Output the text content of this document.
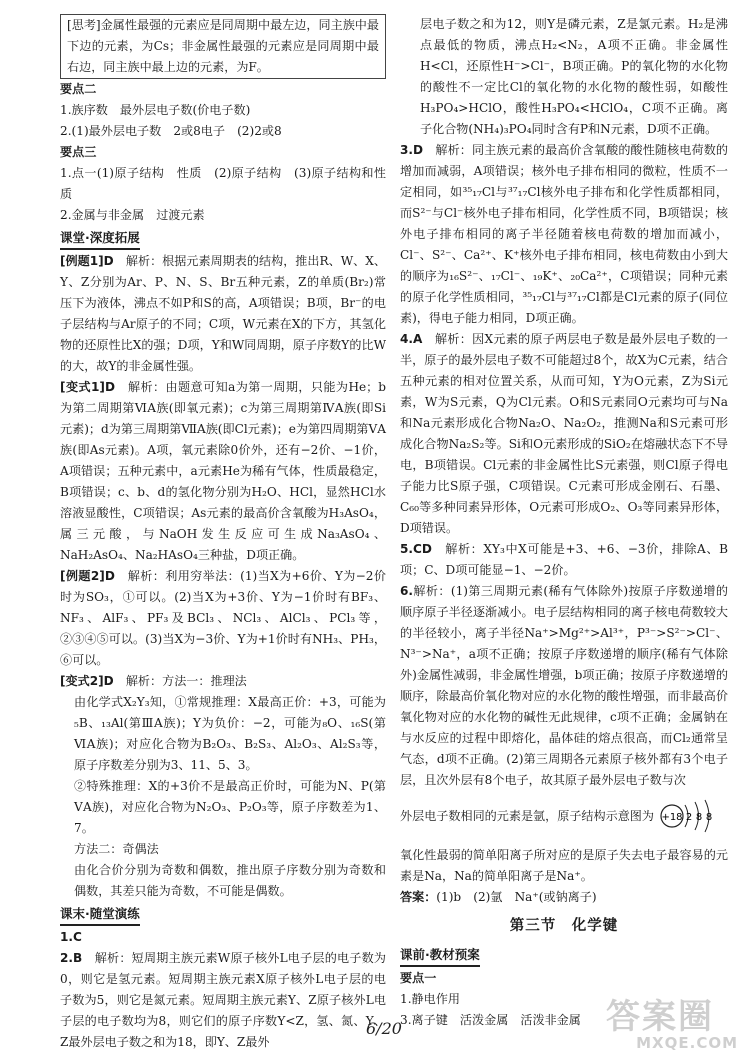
[思考]金属性最强的元素应是同周期中最左边，同主族中最下边的元素，为Cs；非金属性最强的元素应是同周期中最右边，同主族中最上边的元素，为F。

要点二

1.族序数　最外层电子数(价电子数)

2.(1)最外层电子数　2或8电子　(2)2或8

要点三

1.点一(1)原子结构　性质　(2)原子结构　(3)原子结构和性质

2.金属与非金属　过渡元素

课堂·深度拓展

[例题1]D　 解析：根据元素周期表的结构，推出R、W、X、Y、Z分别为Ar、P、N、S、Br五种元素，Z的单质(Br₂)常压下为液体，沸点不如P和S的高，A项错误；B项，Br⁻的电子层结构与Ar原子的不同；C项，W元素在X的下方，其氢化物的还原性比X的强；D项，Y和W同周期，原子序数Y的比W的大，故Y的非金属性强。

[变式1]D　 解析：由题意可知a为第一周期，只能为He；b为第二周期第ⅥA族(即氧元素)；c为第三周期第ⅣA族(即Si元素)；d为第三周期第ⅦA族(即Cl元素)；e为第四周期第ⅤA族(即As元素)。A项，氧元素除0价外，还有−2价、−1价，A项错误；五种元素中，a元素He为稀有气体，性质最稳定，B项错误；c、b、d的氢化物分别为H₂O、HCl，显然HCl水溶液显酸性，C项错误；As元素的最高价含氧酸为H₃AsO₄，属三元酸，与NaOH发生反应可生成Na₃AsO₄、NaH₂AsO₄、Na₂HAsO₄三种盐，D项正确。

[例题2]D　 解析：利用穷举法：(1)当X为+6价、Y为−2价时为SO₃，①可以。(2)当X为+3价、Y为−1价时有BF₃、NF₃、AlF₃、PF₃及BCl₃、NCl₃、AlCl₃、PCl₃等，②③④⑤可以。(3)当X为−3价、Y为+1价时有NH₃、PH₃，⑥可以。

[变式2]D　 解析：方法一：推理法

由化学式X₂Y₃知，①常规推理：X最高正价：+3，可能为₅B、₁₃Al(第ⅢA族)；Y为负价：−2，可能为₈O、₁₆S(第ⅥA族)；对应化合物为B₂O₃、B₂S₃、Al₂O₃、Al₂S₃等，原子序数差分别为3、11、5、3。

②特殊推理：X的+3价不是最高正价时，可能为N、P(第ⅤA族)，对应化合物为N₂O₃、P₂O₃等，原子序数差为1、7。

方法二：奇偶法

由化合价分别为奇数和偶数，推出原子序数分别为奇数和偶数，其差只能为奇数，不可能是偶数。

课末·随堂演练

1.C

2.B　 解析：短周期主族元素W原子核外L电子层的电子数为0，则它是氢元素。短周期主族元素X原子核外L电子层的电子数为5，则它是氮元素。短周期主族元素Y、Z原子核外L电子层的电子数均为8，则它们的原子序数Y<Z，氢、氮、Y、Z最外层电子数之和为18，即Y、Z最外

层电子数之和为12，则Y是磷元素，Z是氯元素。H₂是沸点最低的物质，沸点H₂<N₂，A项不正确。非金属性H<Cl，还原性H⁻>Cl⁻，B项正确。P的氧化物的水化物的酸性不一定比Cl的氧化物的水化物的酸性弱，如酸性H₃PO₄>HClO，酸性H₃PO₄<HClO₄，C项不正确。离子化合物(NH₄)₃PO₄同时含有P和N元素，D项不正确。

3.D　 解析：同主族元素的最高价含氧酸的酸性随核电荷数的增加而减弱，A项错误；核外电子排布相同的微粒，性质不一定相同，如³⁵₁₇Cl与³⁷₁₇Cl核外电子排布和化学性质都相同，而S²⁻与Cl⁻核外电子排布相同，化学性质不同，B项错误；核外电子排布相同的离子半径随着核电荷数的增加而减小，Cl⁻、S²⁻、Ca²⁺、K⁺核外电子排布相同，核电荷数由小到大的顺序为₁₆S²⁻、₁₇Cl⁻、₁₉K⁺、₂₀Ca²⁺，C项错误；同种元素的原子化学性质相同，³⁵₁₇Cl与³⁷₁₇Cl都是Cl元素的原子(同位素)，得电子能力相同，D项正确。

4.A　 解析：因X元素的原子两层电子数是最外层电子数的一半，原子的最外层电子数不可能超过8个，故X为C元素，结合五种元素的相对位置关系，从而可知，Y为O元素，Z为Si元素，W为S元素，Q为Cl元素。O和S元素同O元素均可与Na和Na元素形成化合物Na₂O、Na₂O₂，推测Na和S元素可形成化合物Na₂S₂等。Si和O元素形成的SiO₂在熔融状态下不导电，B项错误。Cl元素的非金属性比S元素强，则Cl原子得电子能力比S原子强，C项错误。C元素可形成金刚石、石墨、C₆₀等多种同素异形体，O元素可形成O₂、O₃等同素异形体，D项错误。

5.CD　 解析：XY₃中X可能是+3、+6、−3价，排除A、B项；C、D项可能显−1、−2价。

6.解析：(1)第三周期元素(稀有气体除外)按原子序数递增的顺序原子半径逐渐减小。电子层结构相同的离子核电荷数较大的半径较小，离子半径Na⁺>Mg²⁺>Al³⁺，P³⁻>S²⁻>Cl⁻、N³⁻>Na⁺，a项不正确；按原子序数递增的顺序(稀有气体除外)金属性减弱，非金属性增强，b项正确；按原子序数递增的顺序，除最高价氧化物对应的水化物的酸性增强，而非最高价氧化物对应的水化物的碱性无此规律，c项不正确；金属钠在与水反应的过程中即熔化，晶体硅的熔点很高，而Cl₂通常呈气态，d项不正确。(2)第三周期各元素原子核外都有3个电子层，且次外层有8个电子，故其原子最外层电子数与次

外层电子数相同的元素是氩，原子结构示意图为 +18 2 8 8

氧化性最弱的简单阳离子所对应的是原子失去电子最容易的元素是Na，Na的简单阳离子是Na⁺。

答案：(1)b　(2)氩　Na⁺(或钠离子)

第三节　化学键
课前·教材预案

要点一

1.静电作用

3.离子键　活泼金属　活泼非金属

6/20	答案圈
MXQE.COM
